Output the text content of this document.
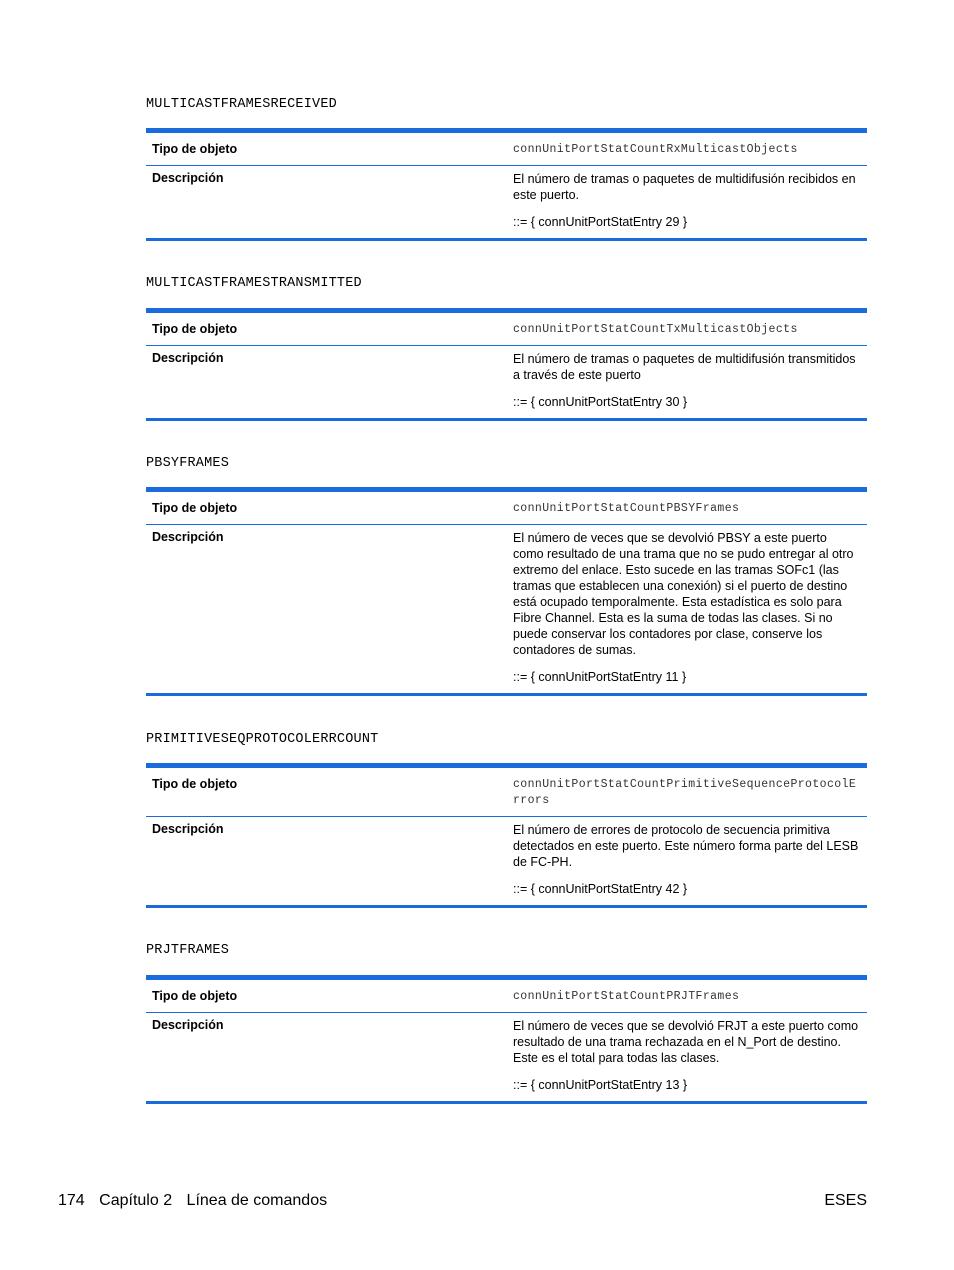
MULTICASTFRAMESRECEIVED

Tipo de objeto	connUnitPortStatCountRxMulticastObjects
Descripción	El número de tramas o paquetes de multidifusión recibidos en este puerto.

::= { connUnitPortStatEntry 29 }

MULTICASTFRAMESTRANSMITTED

Tipo de objeto	connUnitPortStatCountTxMulticastObjects
Descripción	El número de tramas o paquetes de multidifusión transmitidos a través de este puerto

::= { connUnitPortStatEntry 30 }

PBSYFRAMES

Tipo de objeto	connUnitPortStatCountPBSYFrames
Descripción	El número de veces que se devolvió PBSY a este puerto como resultado de una trama que no se pudo entregar al otro extremo del enlace. Esto sucede en las tramas SOFc1 (las tramas que establecen una conexión) si el puerto de destino está ocupado temporalmente. Esta estadística es solo para Fibre Channel. Esta es la suma de todas las clases. Si no puede conservar los contadores por clase, conserve los contadores de sumas.

::= { connUnitPortStatEntry 11 }

PRIMITIVESEQPROTOCOLERRCOUNT

Tipo de objeto	connUnitPortStatCountPrimitiveSequenceProtocolErrors
Descripción	El número de errores de protocolo de secuencia primitiva detectados en este puerto. Este número forma parte del LESB de FC-PH.

::= { connUnitPortStatEntry 42 }

PRJTFRAMES

Tipo de objeto	connUnitPortStatCountPRJTFrames
Descripción	El número de veces que se devolvió FRJT a este puerto como resultado de una trama rechazada en el N_Port de destino. Este es el total para todas las clases.

::= { connUnitPortStatEntry 13 }

174 Capítulo 2 Línea de comandos	ESES
